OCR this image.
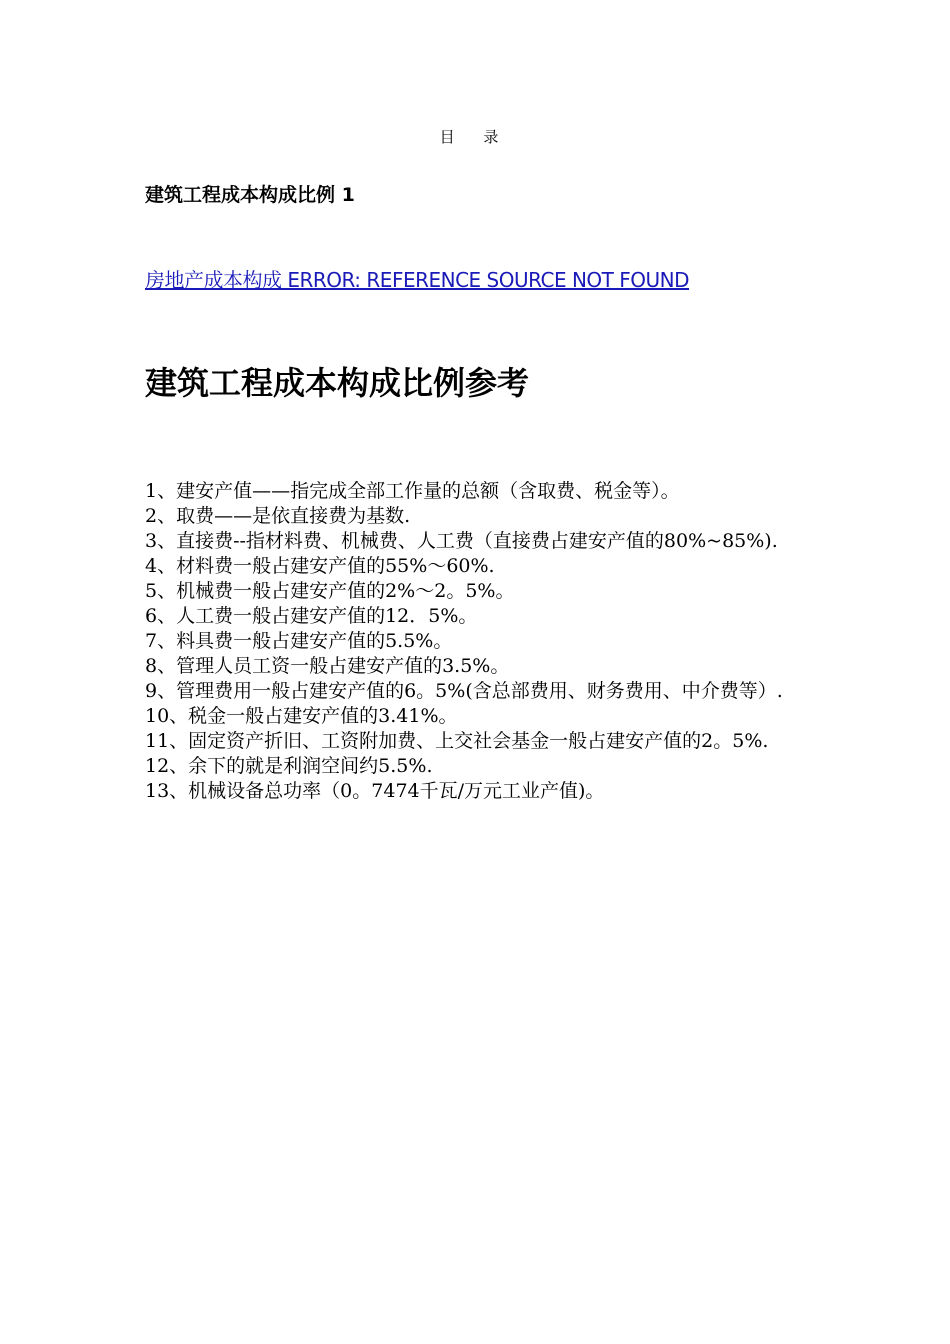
目 录
建筑工程成本构成比例 1
房地产成本构成 ERROR: REFERENCE SOURCE NOT FOUND
建筑工程成本构成比例参考
1、建安产值——指完成全部工作量的总额（含取费、税金等）。
2、取费——是依直接费为基数.
3、直接费--指材料费、机械费、人工费（直接费占建安产值的80%~85%).
4、材料费一般占建安产值的55%～60%.
5、机械费一般占建安产值的2%～2。5%。
6、人工费一般占建安产值的12．5%。
7、料具费一般占建安产值的5.5%。
8、管理人员工资一般占建安产值的3.5%。
9、管理费用一般占建安产值的6。5%(含总部费用、财务费用、中介费等）.
10、税金一般占建安产值的3.41%。
11、固定资产折旧、工资附加费、上交社会基金一般占建安产值的2。5%.
12、余下的就是利润空间约5.5%.
13、机械设备总功率（0。7474千瓦/万元工业产值)。
